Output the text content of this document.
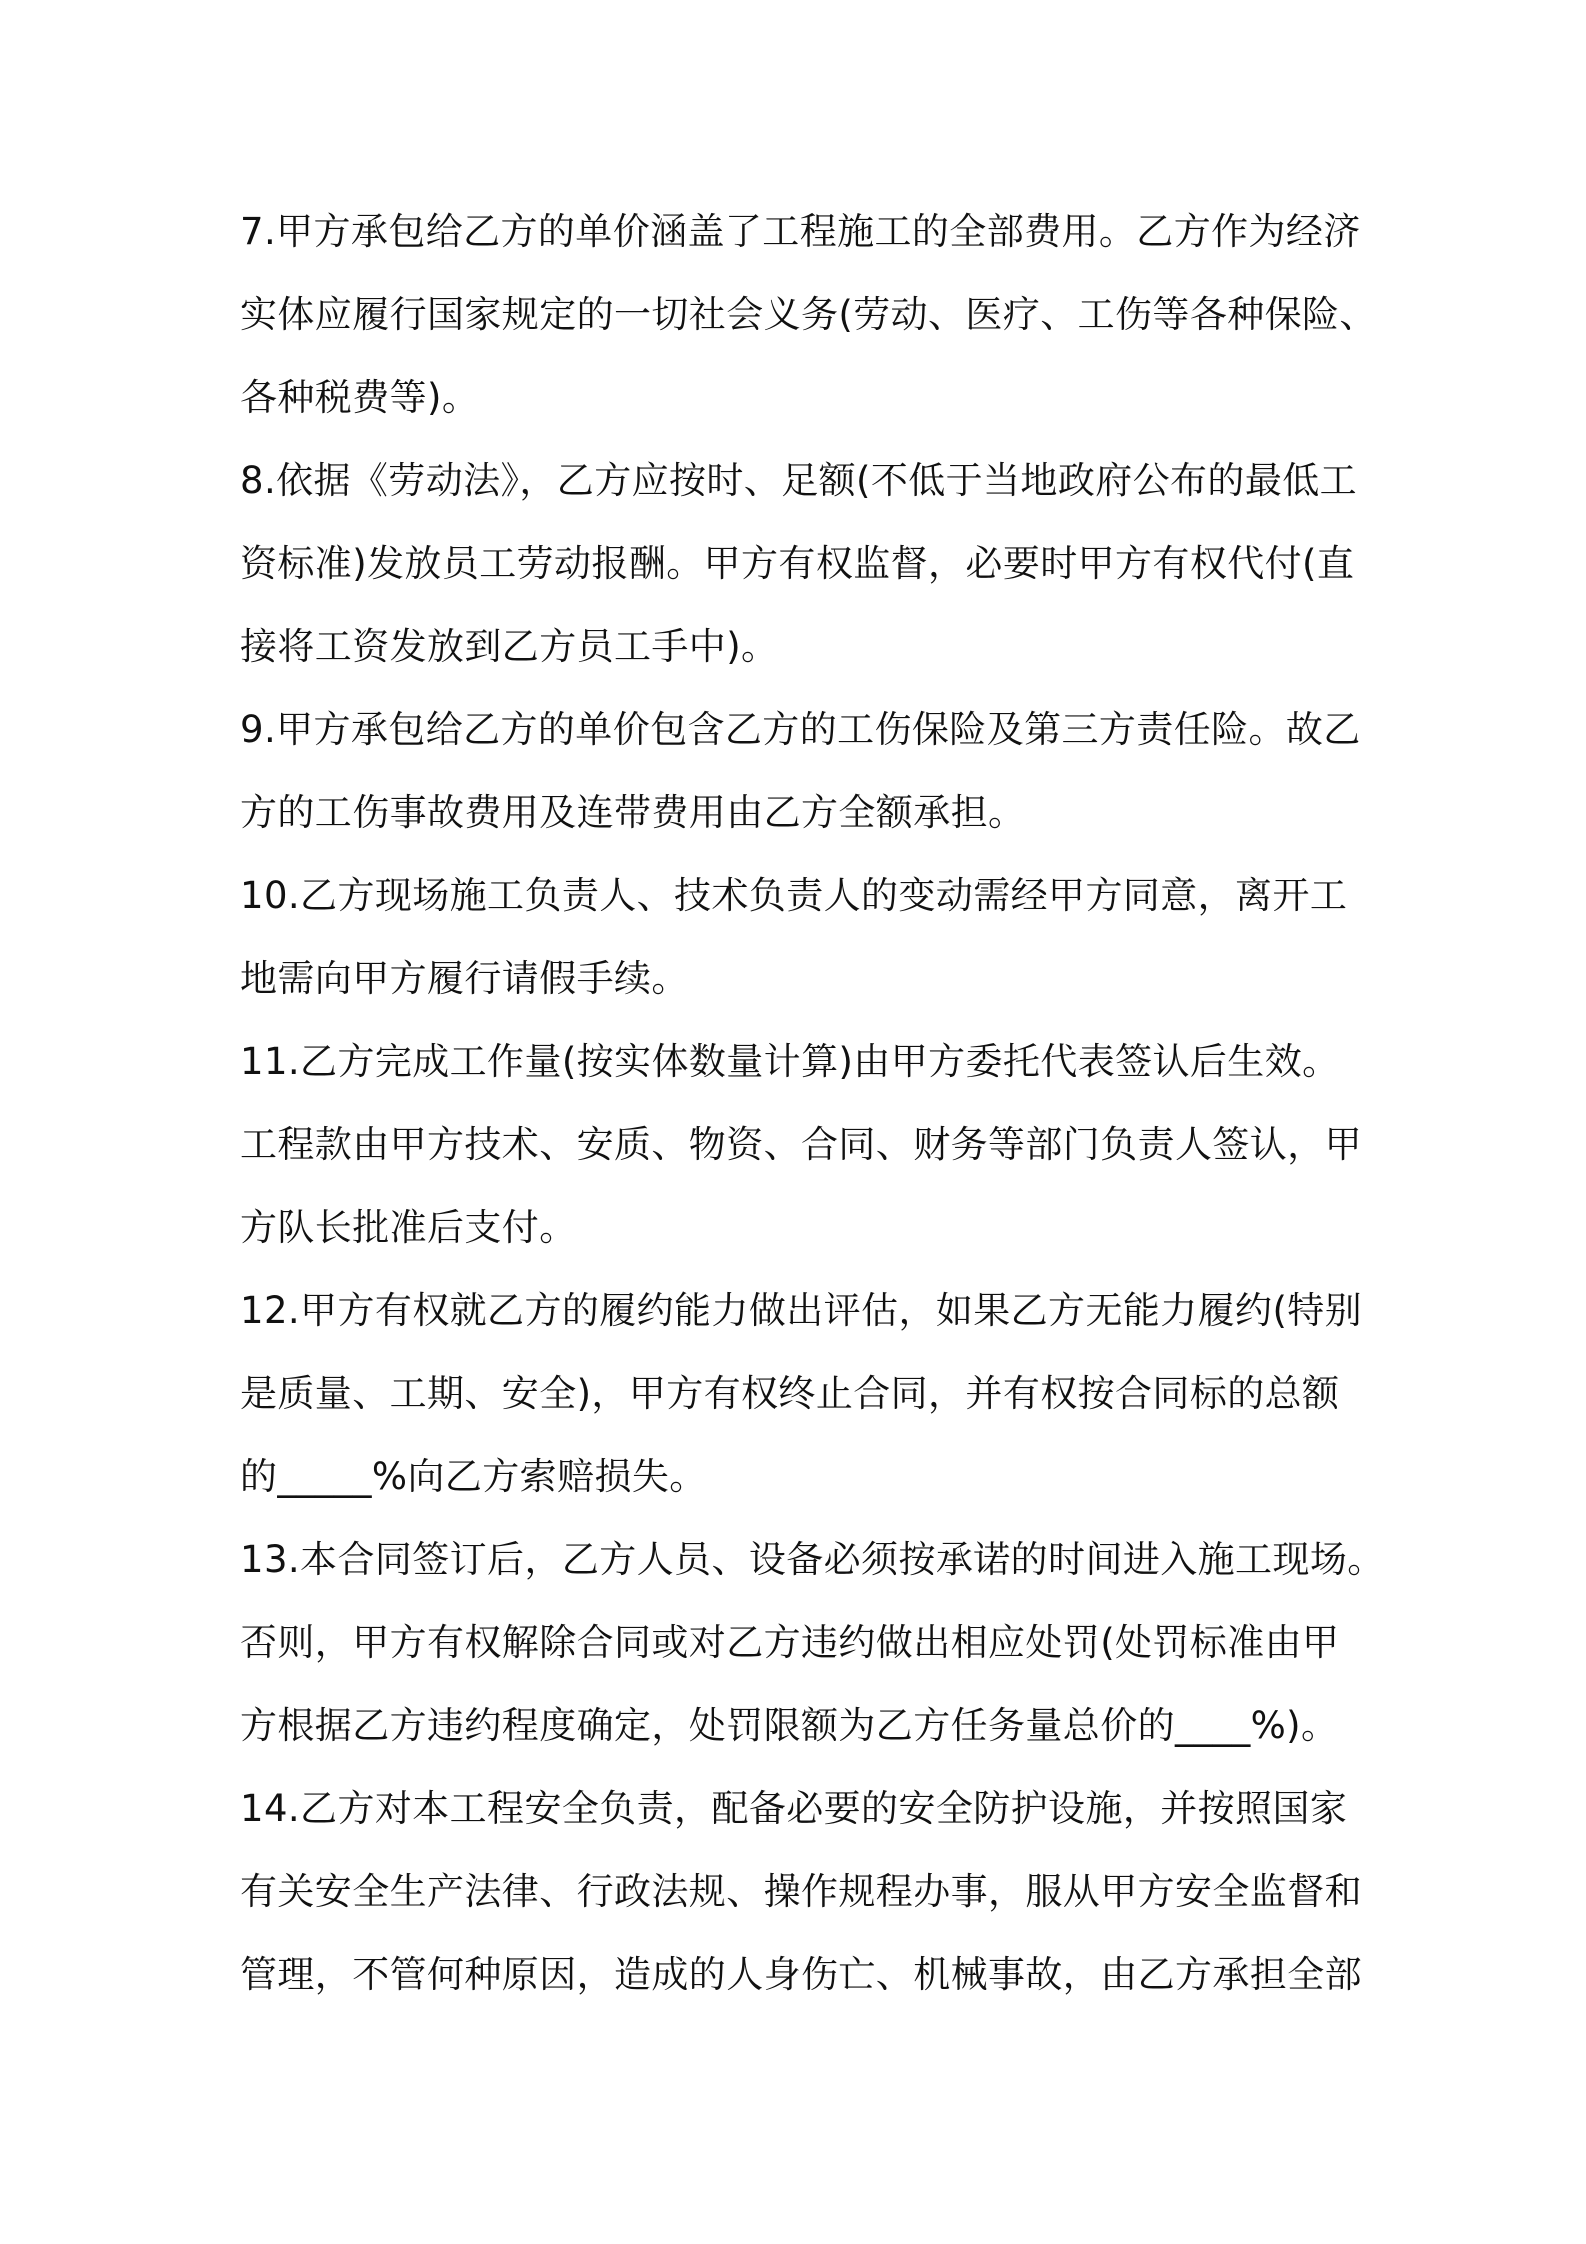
7.甲方承包给乙方的单价涵盖了工程施工的全部费用。乙方作为经济
实体应履行国家规定的一切社会义务(劳动、医疗、工伤等各种保险、
各种税费等)。
8.依据《劳动法》，乙方应按时、足额(不低于当地政府公布的最低工
资标准)发放员工劳动报酬。甲方有权监督，必要时甲方有权代付(直
接将工资发放到乙方员工手中)。
9.甲方承包给乙方的单价包含乙方的工伤保险及第三方责任险。故乙
方的工伤事故费用及连带费用由乙方全额承担。
10.乙方现场施工负责人、技术负责人的变动需经甲方同意，离开工
地需向甲方履行请假手续。
11.乙方完成工作量(按实体数量计算)由甲方委托代表签认后生效。
工程款由甲方技术、安质、物资、合同、财务等部门负责人签认，甲
方队长批准后支付。
12.甲方有权就乙方的履约能力做出评估，如果乙方无能力履约(特别
是质量、工期、安全)，甲方有权终止合同，并有权按合同标的总额
的_____%向乙方索赔损失。
13.本合同签订后，乙方人员、设备必须按承诺的时间进入施工现场。
否则，甲方有权解除合同或对乙方违约做出相应处罚(处罚标准由甲
方根据乙方违约程度确定，处罚限额为乙方任务量总价的____%)。
14.乙方对本工程安全负责，配备必要的安全防护设施，并按照国家
有关安全生产法律、行政法规、操作规程办事，服从甲方安全监督和
管理，不管何种原因，造成的人身伤亡、机械事故，由乙方承担全部
